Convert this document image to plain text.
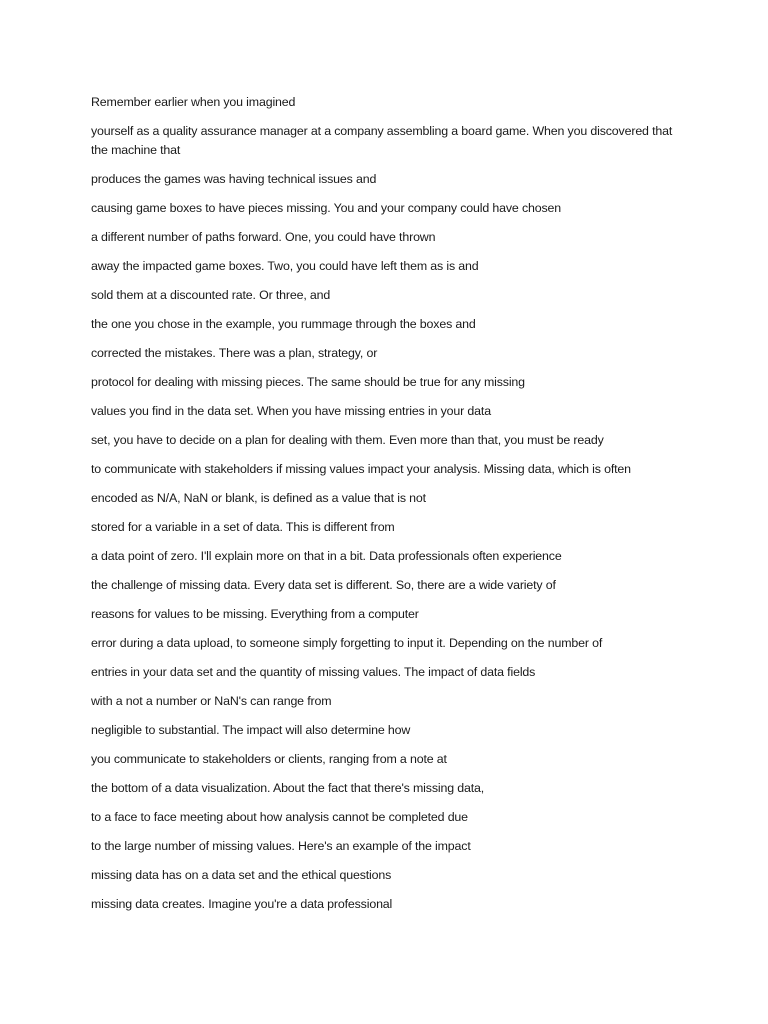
Remember earlier when you imagined

yourself as a quality assurance manager at a company assembling a board game. When you discovered that the machine that

produces the games was having technical issues and

causing game boxes to have pieces missing. You and your company could have chosen

a different number of paths forward. One, you could have thrown

away the impacted game boxes. Two, you could have left them as is and

sold them at a discounted rate. Or three, and

the one you chose in the example, you rummage through the boxes and

corrected the mistakes. There was a plan, strategy, or

protocol for dealing with missing pieces. The same should be true for any missing

values you find in the data set. When you have missing entries in your data

set, you have to decide on a plan for dealing with them. Even more than that, you must be ready

to communicate with stakeholders if missing values impact your analysis. Missing data, which is often

encoded as N/A, NaN or blank, is defined as a value that is not

stored for a variable in a set of data. This is different from

a data point of zero. I'll explain more on that in a bit. Data professionals often experience

the challenge of missing data. Every data set is different. So, there are a wide variety of

reasons for values to be missing. Everything from a computer

error during a data upload, to someone simply forgetting to input it. Depending on the number of

entries in your data set and the quantity of missing values. The impact of data fields

with a not a number or NaN's can range from

negligible to substantial. The impact will also determine how

you communicate to stakeholders or clients, ranging from a note at

the bottom of a data visualization. About the fact that there's missing data,

to a face to face meeting about how analysis cannot be completed due

to the large number of missing values. Here's an example of the impact

missing data has on a data set and the ethical questions

missing data creates. Imagine you're a data professional
